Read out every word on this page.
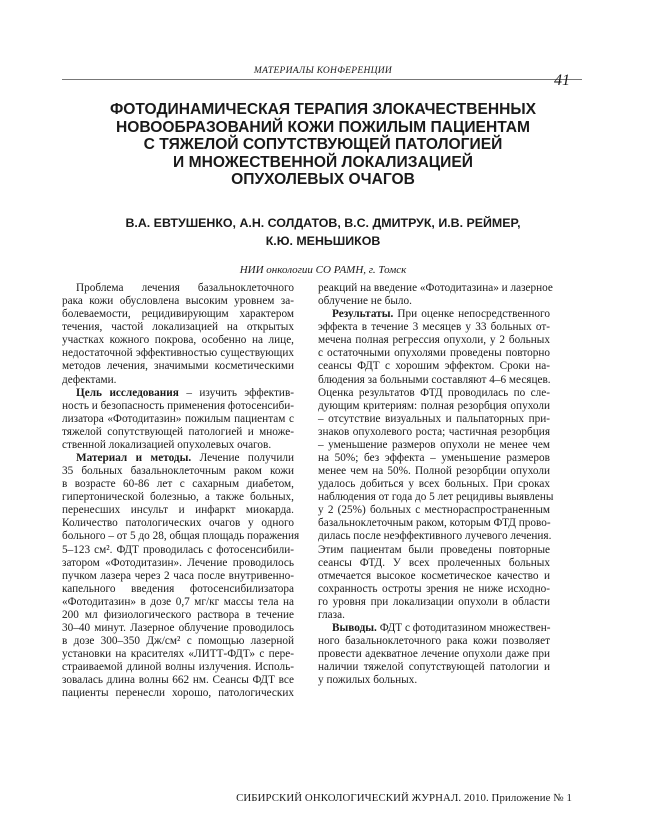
МАТЕРИАЛЫ КОНФЕРЕНЦИИ
41
ФОТОДИНАМИЧЕСКАЯ ТЕРАПИЯ ЗЛОКАЧЕСТВЕННЫХ
НОВООБРАЗОВАНИЙ КОЖИ ПОЖИЛЫМ ПАЦИЕНТАМ
С ТЯЖЕЛОЙ СОПУТСТВУЮЩЕЙ ПАТОЛОГИЕЙ
И МНОЖЕСТВЕННОЙ ЛОКАЛИЗАЦИЕЙ
ОПУХОЛЕВЫХ ОЧАГОВ
В.А. ЕВТУШЕНКО, А.Н. СОЛДАТОВ, В.С. ДМИТРУК, И.В. РЕЙМЕР,
К.Ю. МЕНЬШИКОВ
НИИ онкологии СО РАМН, г. Томск
Проблема лечения базальноклеточного
рака кожи обусловлена высоким уровнем за-
болеваемости, рецидивирующим характером
течения, частой локализацией на открытых
участках кожного покрова, особенно на лице,
недостаточной эффективностью существующих
методов лечения, значимыми косметическими
дефектами.
Цель исследования – изучить эффектив-
ность и безопасность применения фотосенсиби-
лизатора «Фотодитазин» пожилым пациентам с
тяжелой сопутствующей патологией и множе-
ственной локализацией опухолевых очагов.
Материал и методы. Лечение получили
35 больных базальноклеточным раком кожи
в возрасте 60-86 лет с сахарным диабетом,
гипертонической болезнью, а также больных,
перенесших инсульт и инфаркт миокарда.
Количество патологических очагов у одного
больного – от 5 до 28, общая площадь поражения
5–123 см². ФДТ проводилась с фотосенсибили-
затором «Фотодитазин». Лечение проводилось
пучком лазера через 2 часа после внутривенно-
капельного введения фотосенсибилизатора
«Фотодитазин» в дозе 0,7 мг/кг массы тела на
200 мл физиологического раствора в течение
30–40 минут. Лазерное облучение проводилось
в дозе 300–350 Дж/см² с помощью лазерной
установки на красителях «ЛИТТ-ФДТ» с пере-
страиваемой длиной волны излучения. Исполь-
зовалась длина волны 662 нм. Сеансы ФДТ все
пациенты перенесли хорошо, патологических
реакций на введение «Фотодитазина» и лазерное
облучение не было.
Результаты. При оценке непосредственного
эффекта в течение 3 месяцев у 33 больных от-
мечена полная регрессия опухоли, у 2 больных
с остаточными опухолями проведены повторно
сеансы ФДТ с хорошим эффектом. Сроки на-
блюдения за больными составляют 4–6 месяцев.
Оценка результатов ФТД проводилась по сле-
дующим критериям: полная резорбция опухоли
– отсутствие визуальных и пальпаторных при-
знаков опухолевого роста; частичная резорбция
– уменьшение размеров опухоли не менее чем
на 50%; без эффекта – уменьшение размеров
менее чем на 50%. Полной резорбции опухоли
удалось добиться у всех больных. При сроках
наблюдения от года до 5 лет рецидивы выявлены
у 2 (25%) больных с местнораспространенным
базальноклеточным раком, которым ФТД прово-
дилась после неэффективного лучевого лечения.
Этим пациентам были проведены повторные
сеансы ФТД. У всех пролеченных больных
отмечается высокое косметическое качество и
сохранность остроты зрения не ниже исходно-
го уровня при локализации опухоли в области
глаза.
Выводы. ФДТ с фотодитазином множествен-
ного базальноклеточного рака кожи позволяет
провести адекватное лечение опухоли даже при
наличии тяжелой сопутствующей патологии и
у пожилых больных.
СИБИРСКИЙ ОНКОЛОГИЧЕСКИЙ ЖУРНАЛ. 2010. Приложение № 1
